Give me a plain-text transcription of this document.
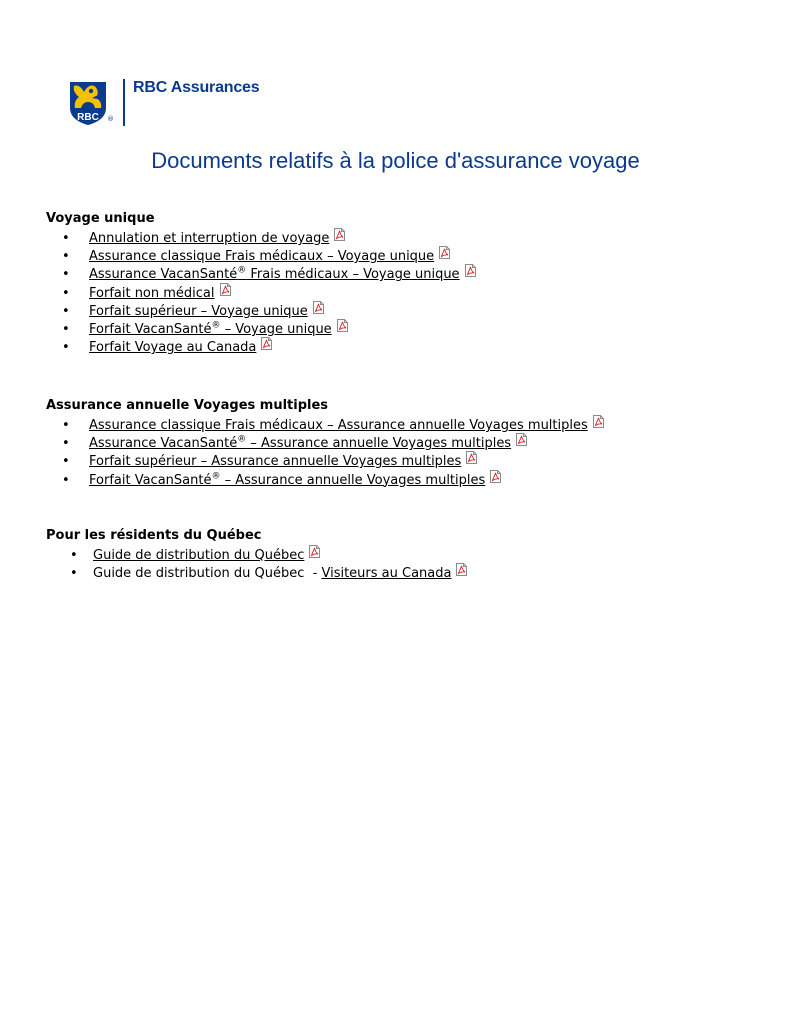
RBC ®
RBC Assurances
Documents relatifs à la police d'assurance voyage
Voyage unique
• Annulation et interruption de voyage
• Assurance classique Frais médicaux – Voyage unique
• Assurance VacanSanté® Frais médicaux – Voyage unique
• Forfait non médical
• Forfait supérieur – Voyage unique
• Forfait VacanSanté® – Voyage unique
• Forfait Voyage au Canada
Assurance annuelle Voyages multiples
• Assurance classique Frais médicaux – Assurance annuelle Voyages multiples
• Assurance VacanSanté® – Assurance annuelle Voyages multiples
• Forfait supérieur – Assurance annuelle Voyages multiples
• Forfait VacanSanté® – Assurance annuelle Voyages multiples
Pour les résidents du Québec
• Guide de distribution du Québec
• Guide de distribution du Québec  - Visiteurs au Canada
